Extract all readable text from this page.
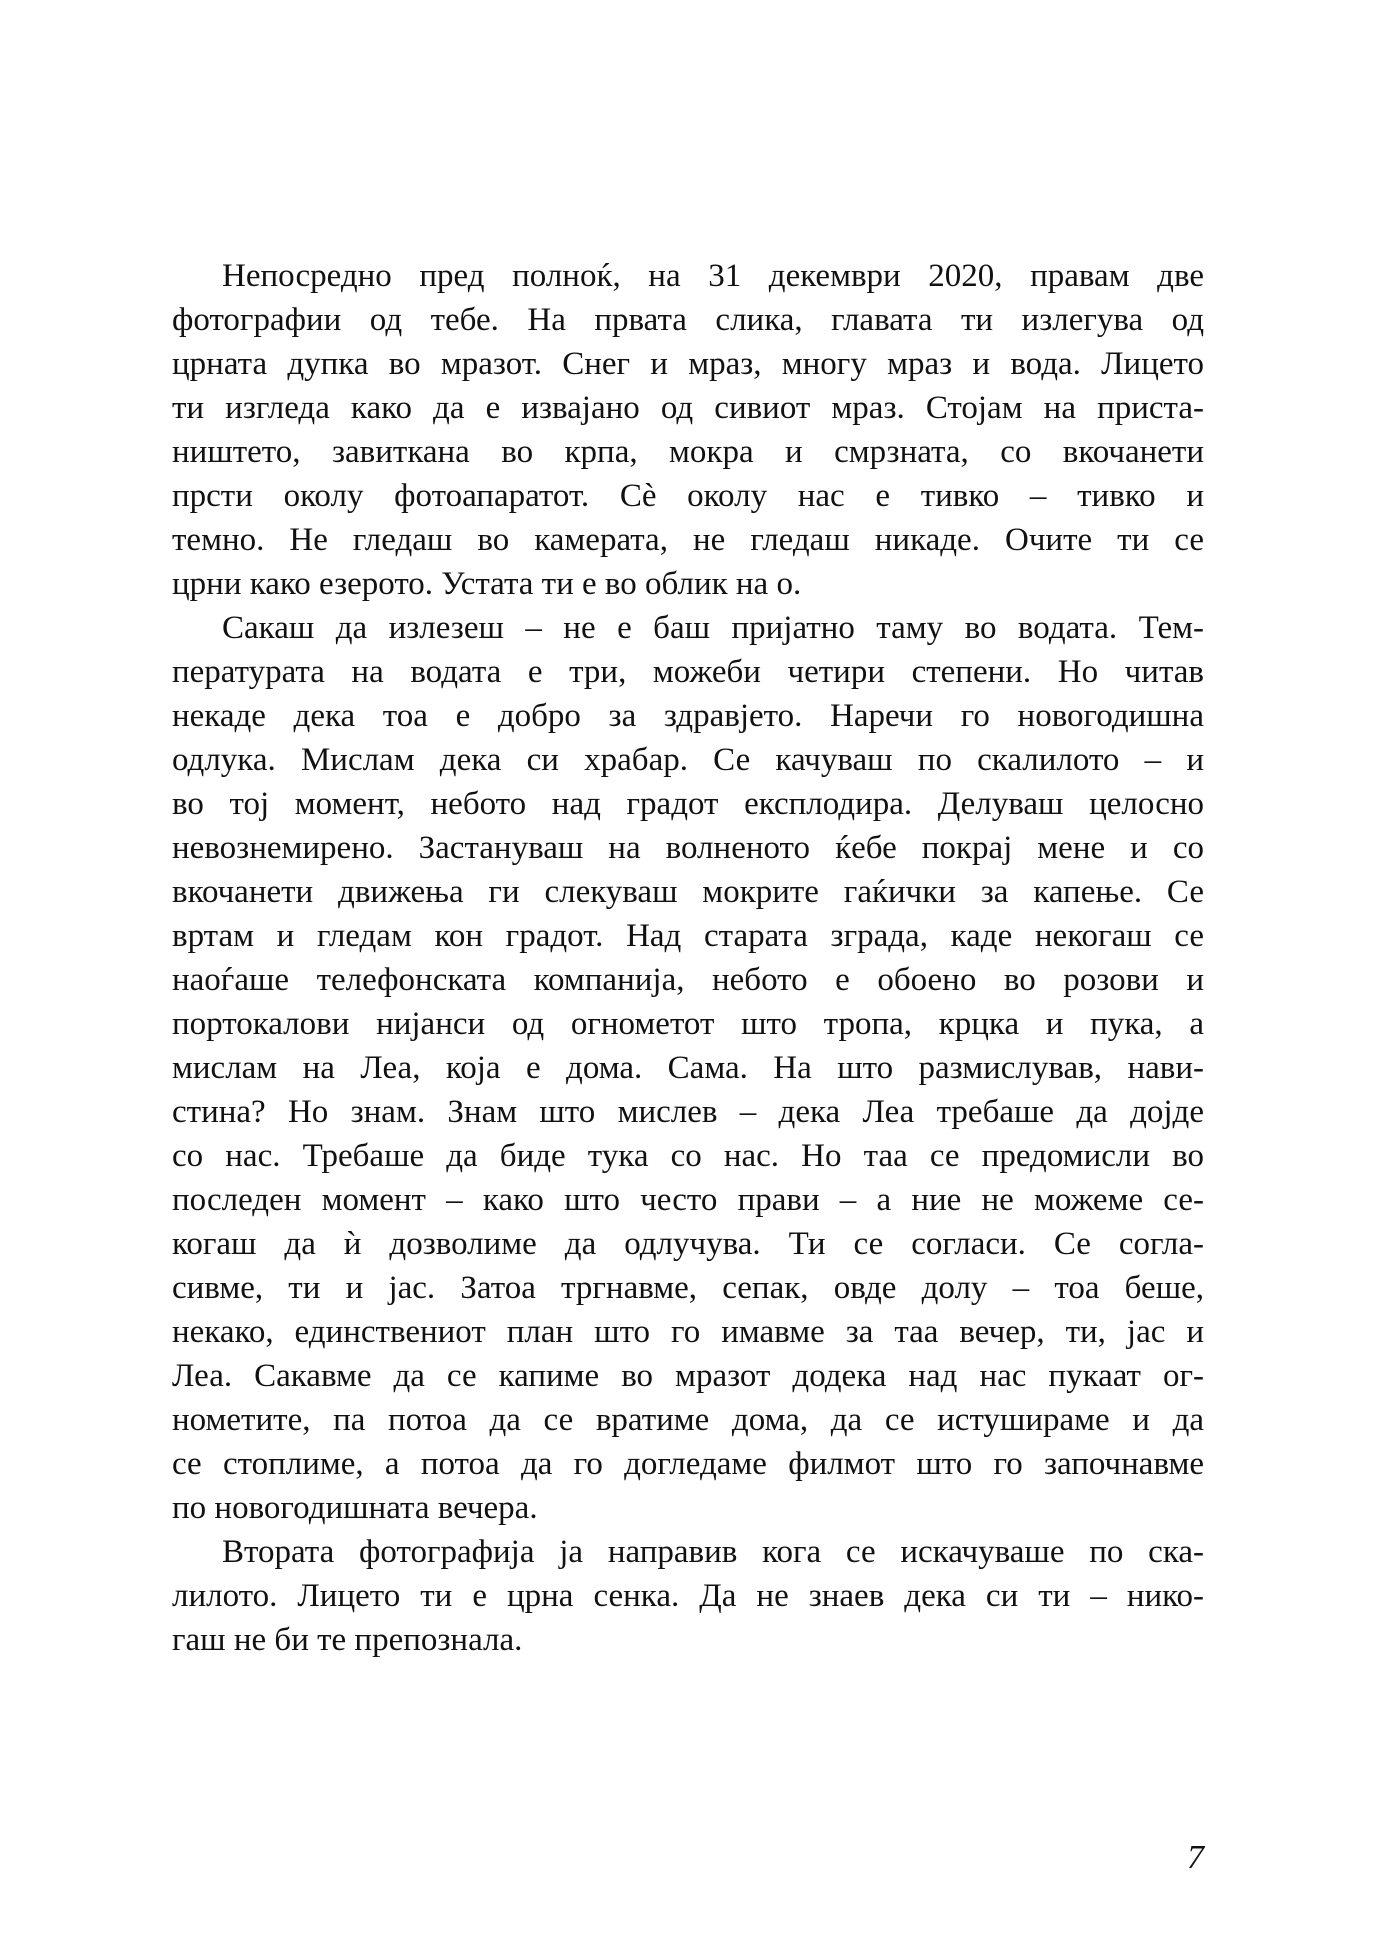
Непосредно пред полноќ, на 31 декември 2020, правам две
фотографии од тебе. На првата слика, главата ти излегува од
црната дупка во мразот. Снег и мраз, многу мраз и вода. Лицето
ти изгледа како да е извајано од сивиот мраз. Стојам на приста-
ништето, завиткана во крпа, мокра и смрзната, со вкочанети
прсти околу фотоапаратот. Сè околу нас е тивко – тивко и
темно. Не гледаш во камерата, не гледаш никаде. Очите ти се
црни како езерото. Устата ти е во облик на о.
Сакаш да излезеш – не е баш пријатно таму во водата. Тем-
пературата на водата е три, можеби четири степени. Но читав
некаде дека тоа е добро за здравјето. Наречи го новогодишна
одлука. Мислам дека си храбар. Се качуваш по скалилото – и
во тој момент, небото над градот експлодира. Делуваш целосно
невознемирено. Застануваш на волненото ќебе покрај мене и со
вкочанети движења ги слекуваш мокрите гаќички за капење. Се
вртам и гледам кон градот. Над старата зграда, каде некогаш се
наоѓаше телефонската компанија, небото е обоено во розови и
портокалови нијанси од огнометот што тропа, крцка и пука, а
мислам на Леа, која е дома. Сама. На што размислував, нави-
стина? Но знам. Знам што мислев – дека Леа требаше да дојде
со нас. Требаше да биде тука со нас. Но таа се предомисли во
последен момент – како што често прави – а ние не можеме се-
когаш да ѝ дозволиме да одлучува. Ти се согласи. Се согла-
сивме, ти и јас. Затоа тргнавме, сепак, овде долу – тоа беше,
некако, единствениот план што го имавме за таа вечер, ти, јас и
Леа. Сакавме да се капиме во мразот додека над нас пукаат ог-
нометите, па потоа да се вратиме дома, да се истушираме и да
се стоплиме, а потоа да го догледаме филмот што го започнавме
по новогодишната вечера.
Втората фотографија ја направив кога се искачуваше по ска-
лилото. Лицето ти е црна сенка. Да не знаев дека си ти – нико-
гаш не би те препознала.
7
